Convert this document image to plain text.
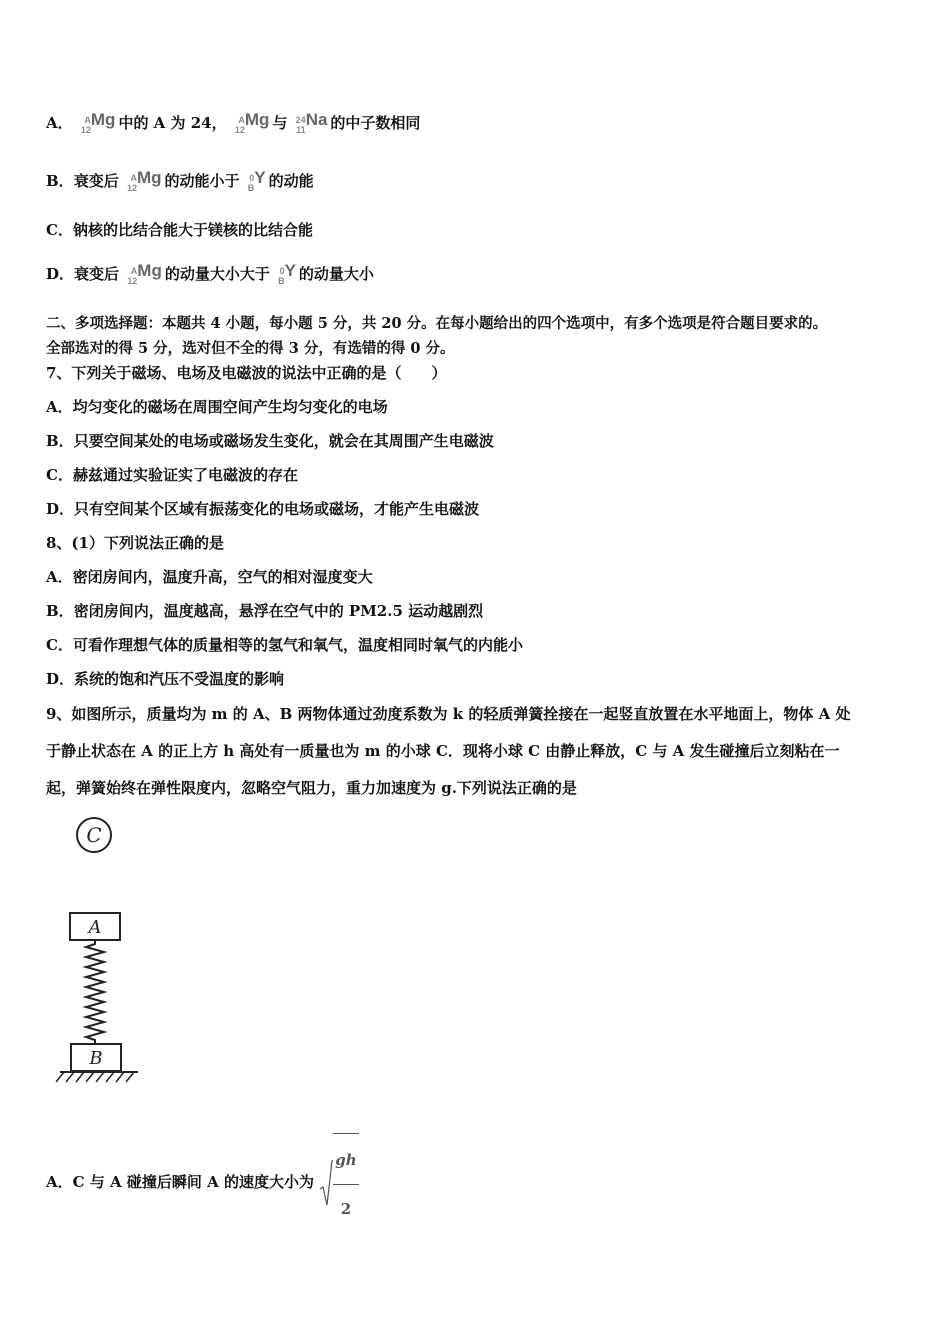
A．	A
12
Mg 中的 A 为 24，	A
12
Mg 与 24
11
Na 的中子数相同
B．衰变后	A
12
Mg 的动能小于 0
B
Y 的动能
C．钠核的比结合能大于镁核的比结合能
D．衰变后	A
12
Mg 的动量大小大于 0
B
Y 的动量大小
二、多项选择题：本题共 4 小题，每小题 5 分，共 20 分。在每小题给出的四个选项中，有多个选项是符合题目要求的。
全部选对的得 5 分，选对但不全的得 3 分，有选错的得 0 分。
7、下列关于磁场、电场及电磁波的说法中正确的是（　　）
A．均匀变化的磁场在周围空间产生均匀变化的电场
B．只要空间某处的电场或磁场发生变化，就会在其周围产生电磁波
C．赫兹通过实验证实了电磁波的存在
D．只有空间某个区域有振荡变化的电场或磁场，才能产生电磁波
8、(1）下列说法正确的是
A．密闭房间内，温度升高，空气的相对湿度变大
B．密闭房间内，温度越高，悬浮在空气中的 PM2.5 运动越剧烈
C．可看作理想气体的质量相等的氢气和氧气，温度相同时氧气的内能小
D．系统的饱和汽压不受温度的影响
9、如图所示，质量均为 m 的 A、B 两物体通过劲度系数为 k 的轻质弹簧拴接在一起竖直放置在水平地面上，物体 A 处
于静止状态在 A 的正上方 h 高处有一质量也为 m 的小球 C．现将小球 C 由静止释放，C 与 A 发生碰撞后立刻粘在一
起，弹簧始终在弹性限度内，忽略空气阻力，重力加速度为 g.下列说法正确的是
C
A
B
A．C 与 A 碰撞后瞬间 A 的速度大小为 $\frac{gh}{2}$
